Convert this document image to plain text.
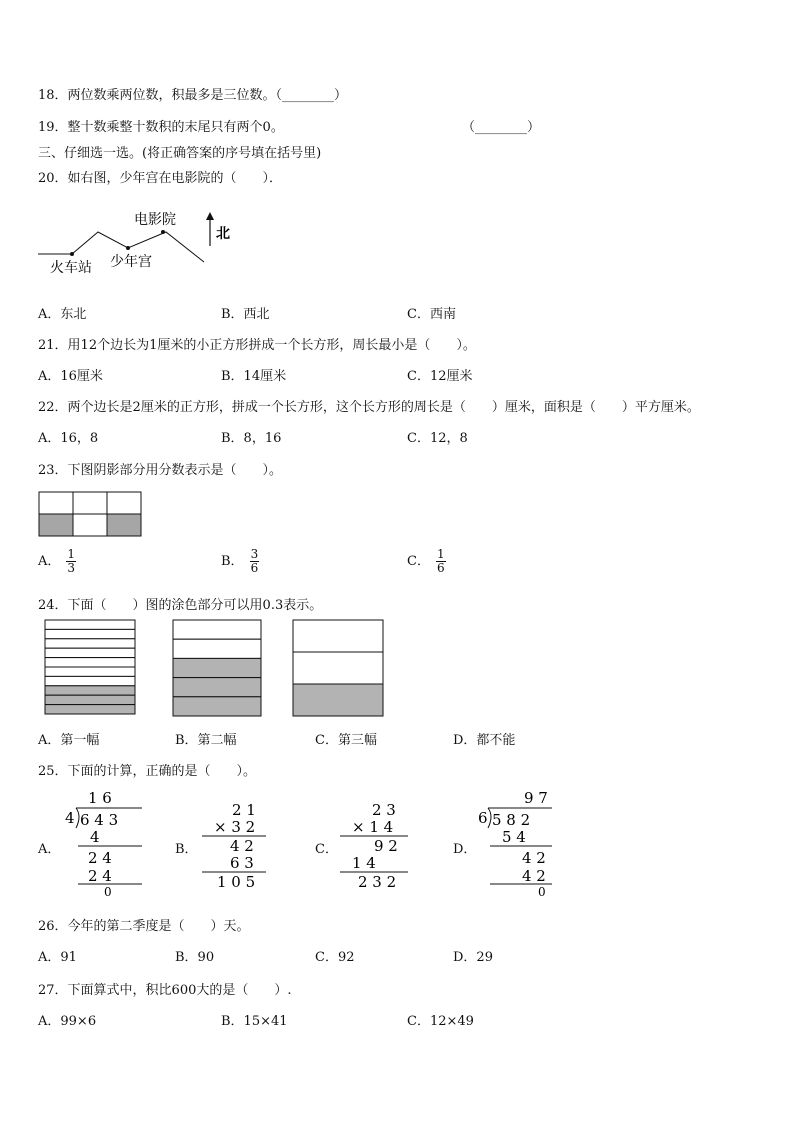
18．两位数乘两位数，积最多是三位数。（________）
19．整十数乘整十数积的末尾只有两个0。	（________）
三、仔细选一选。(将正确答案的序号填在括号里)
20．如右图，少年宫在电影院的（　　）．
电影院
火车站 少年宫
北
A．东北	B．西北	C．西南
21．用12个边长为1厘米的小正方形拼成一个长方形，周长最小是（　　）。
A．16厘米	B．14厘米	C．12厘米
22．两个边长是2厘米的正方形，拼成一个长方形，这个长方形的周长是（　　）厘米，面积是（　　）平方厘米。
A．16，8	B．8，16	C．12，8
23．下图阴影部分用分数表示是（　　）。
A． $\frac{1}{3}$	B． $\frac{3}{6}$	C． $\frac{1}{6}$
24．下面（　　）图的涂色部分可以用0.3表示。
A．第一幅	B．第二幅	C．第三幅	D．都不能
25．下面的计算，正确的是（　　）。
A．	B．	C．	D．
1 6
4 6 4 3
4
2 4
2 4
0
2 1
× 3 2
4 2
6 3
1 0 5
2 3
× 1 4
9 2
1 4
2 3 2
9 7
6 5 8 2
5 4
4 2
4 2
0
26．今年的第二季度是（　　）天。
A．91	B．90	C．92	D．29
27．下面算式中，积比600大的是（　　）.
A．99×6	B．15×41	C．12×49
